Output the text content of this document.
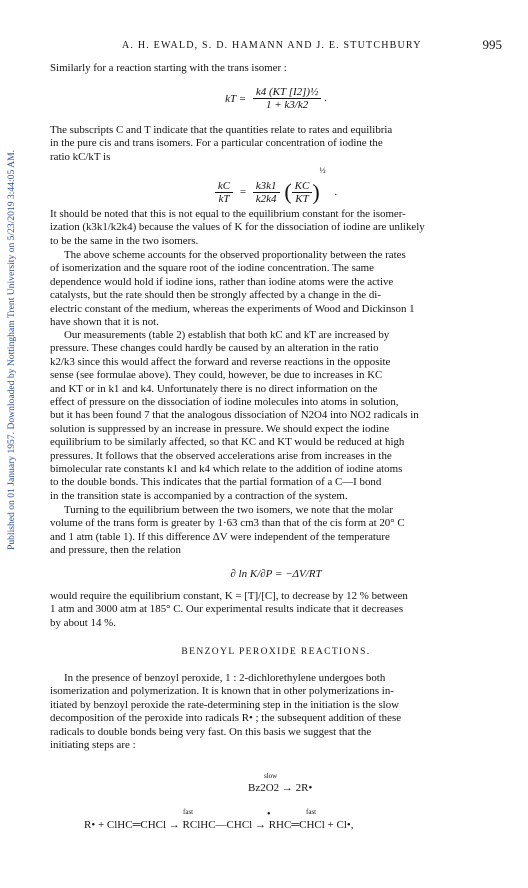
Published on 01 January 1957. Downloaded by Nottingham Trent University on 5/23/2019 3:44:05 AM.
A. H. EWALD, S. D. HAMANN AND J. E. STUTCHBURY	995
Similarly for a reaction starting with the trans isomer :
kT = $\frac{\text{k4 (KT [I2])½}}{1 + k3/k2}$ .
The subscripts C and T indicate that the quantities relate to rates and equilibria
in the pure cis and trans isomers. For a particular concentration of iodine the
ratio kC/kT is
$\frac{kC}{kT} = \frac{k3k1}{k2k4}$ ( $\frac{KC}{KT} )^{\frac{1}{2}}$ .
It should be noted that this is not equal to the equilibrium constant for the isomer-
ization (k3k1/k2k4) because the values of K for the dissociation of iodine are unlikely
to be the same in the two isomers.
The above scheme accounts for the observed proportionality between the rates
of isomerization and the square root of the iodine concentration. The same
dependence would hold if iodine ions, rather than iodine atoms were the active
catalysts, but the rate should then be strongly affected by a change in the di-
electric constant of the medium, whereas the experiments of Wood and Dickinson 1
have shown that it is not.
Our measurements (table 2) establish that both kC and kT are increased by
pressure. These changes could hardly be caused by an alteration in the ratio
k2/k3 since this would affect the forward and reverse reactions in the opposite
sense (see formulae above). They could, however, be due to increases in KC
and KT or in k1 and k4. Unfortunately there is no direct information on the
effect of pressure on the dissociation of iodine molecules into atoms in solution,
but it has been found 7 that the analogous dissociation of N2O4 into NO2 radicals in
solution is suppressed by an increase in pressure. We should expect the iodine
equilibrium to be similarly affected, so that KC and KT would be reduced at high
pressures. It follows that the observed accelerations arise from increases in the
bimolecular rate constants k1 and k4 which relate to the addition of iodine atoms
to the double bonds. This indicates that the partial formation of a C—I bond
in the transition state is accompanied by a contraction of the system.
Turning to the equilibrium between the two isomers, we note that the molar
volume of the trans form is greater by 1·63 cm3 than that of the cis form at 20° C
and 1 atm (table 1). If this difference ΔV were independent of the temperature
and pressure, then the relation
∂ ln K/∂P = −ΔV/RT
would require the equilibrium constant, K = [T]/[C], to decrease by 12 % between
1 atm and 3000 atm at 185° C. Our experimental results indicate that it decreases
by about 14 %.
BENZOYL PEROXIDE REACTIONS.
In the presence of benzoyl peroxide, 1 : 2-dichlorethylene undergoes both
isomerization and polymerization. It is known that in other polymerizations in-
itiated by benzoyl peroxide the rate-determining step in the initiation is the slow
decomposition of the peroxide into radicals R• ; the subsequent addition of these
radicals to double bonds being very fast. On this basis we suggest that the
initiating steps are :
slow
Bz2O2 → 2R•
fast	fast
•
R• + ClHC═CHCl → RClHC—CHCl → RHC═CHCl + Cl•,
